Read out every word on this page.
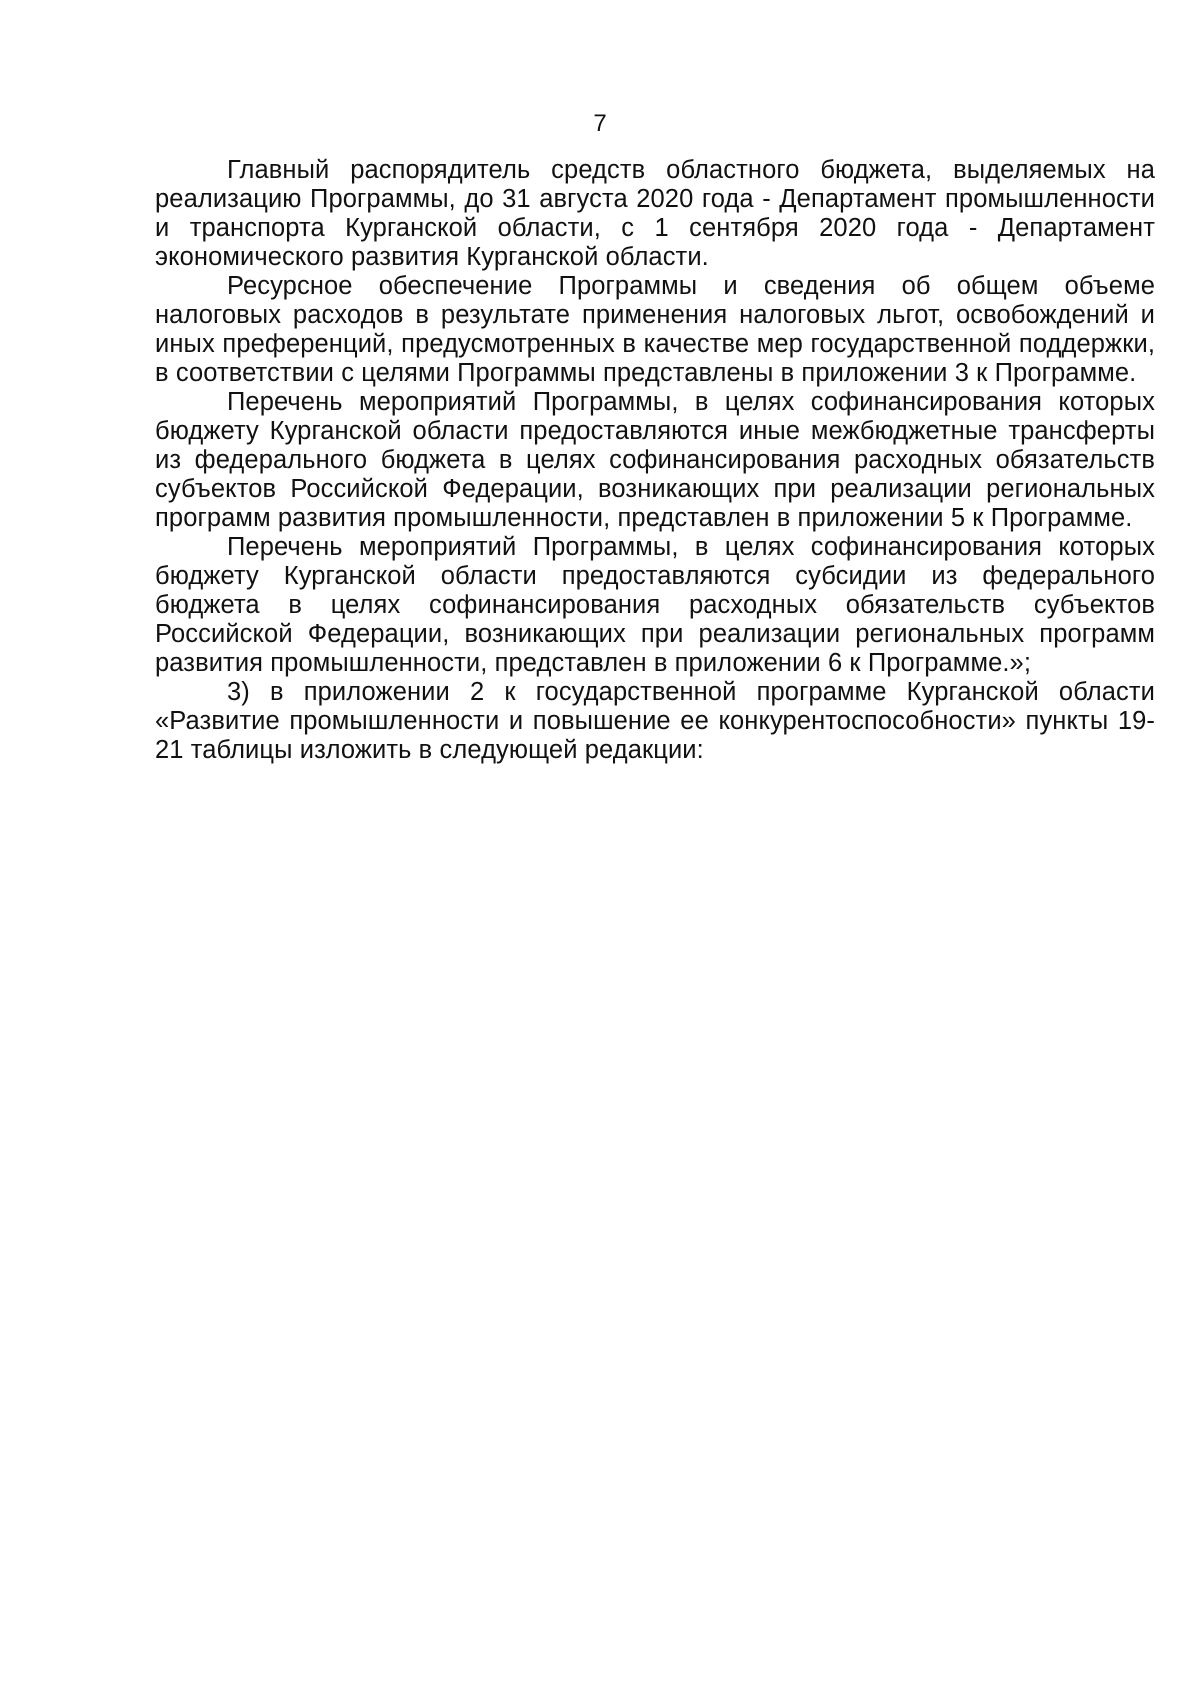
7

Главный распорядитель средств областного бюджета, выделяемых на реализацию Программы, до 31 августа 2020 года - Департамент промышленности и транспорта Курганской области, с 1 сентября 2020 года - Департамент экономического развития Курганской области.

Ресурсное обеспечение Программы и сведения об общем объеме налоговых расходов в результате применения налоговых льгот, освобождений и иных преференций, предусмотренных в качестве мер государственной поддержки, в соответствии с целями Программы представлены в приложении 3 к Программе.

Перечень мероприятий Программы, в целях софинансирования которых бюджету Курганской области предоставляются иные межбюджетные трансферты из федерального бюджета в целях софинансирования расходных обязательств субъектов Российской Федерации, возникающих при реализации региональных программ развития промышленности, представлен в приложении 5 к Программе.

Перечень мероприятий Программы, в целях софинансирования которых бюджету Курганской области предоставляются субсидии из федерального бюджета в целях софинансирования расходных обязательств субъектов Российской Федерации, возникающих при реализации региональных программ развития промышленности, представлен в приложении 6 к Программе.»;

3) в приложении 2 к государственной программе Курганской области «Развитие промышленности и повышение ее конкурентоспособности» пункты 19-21 таблицы изложить в следующей редакции:
